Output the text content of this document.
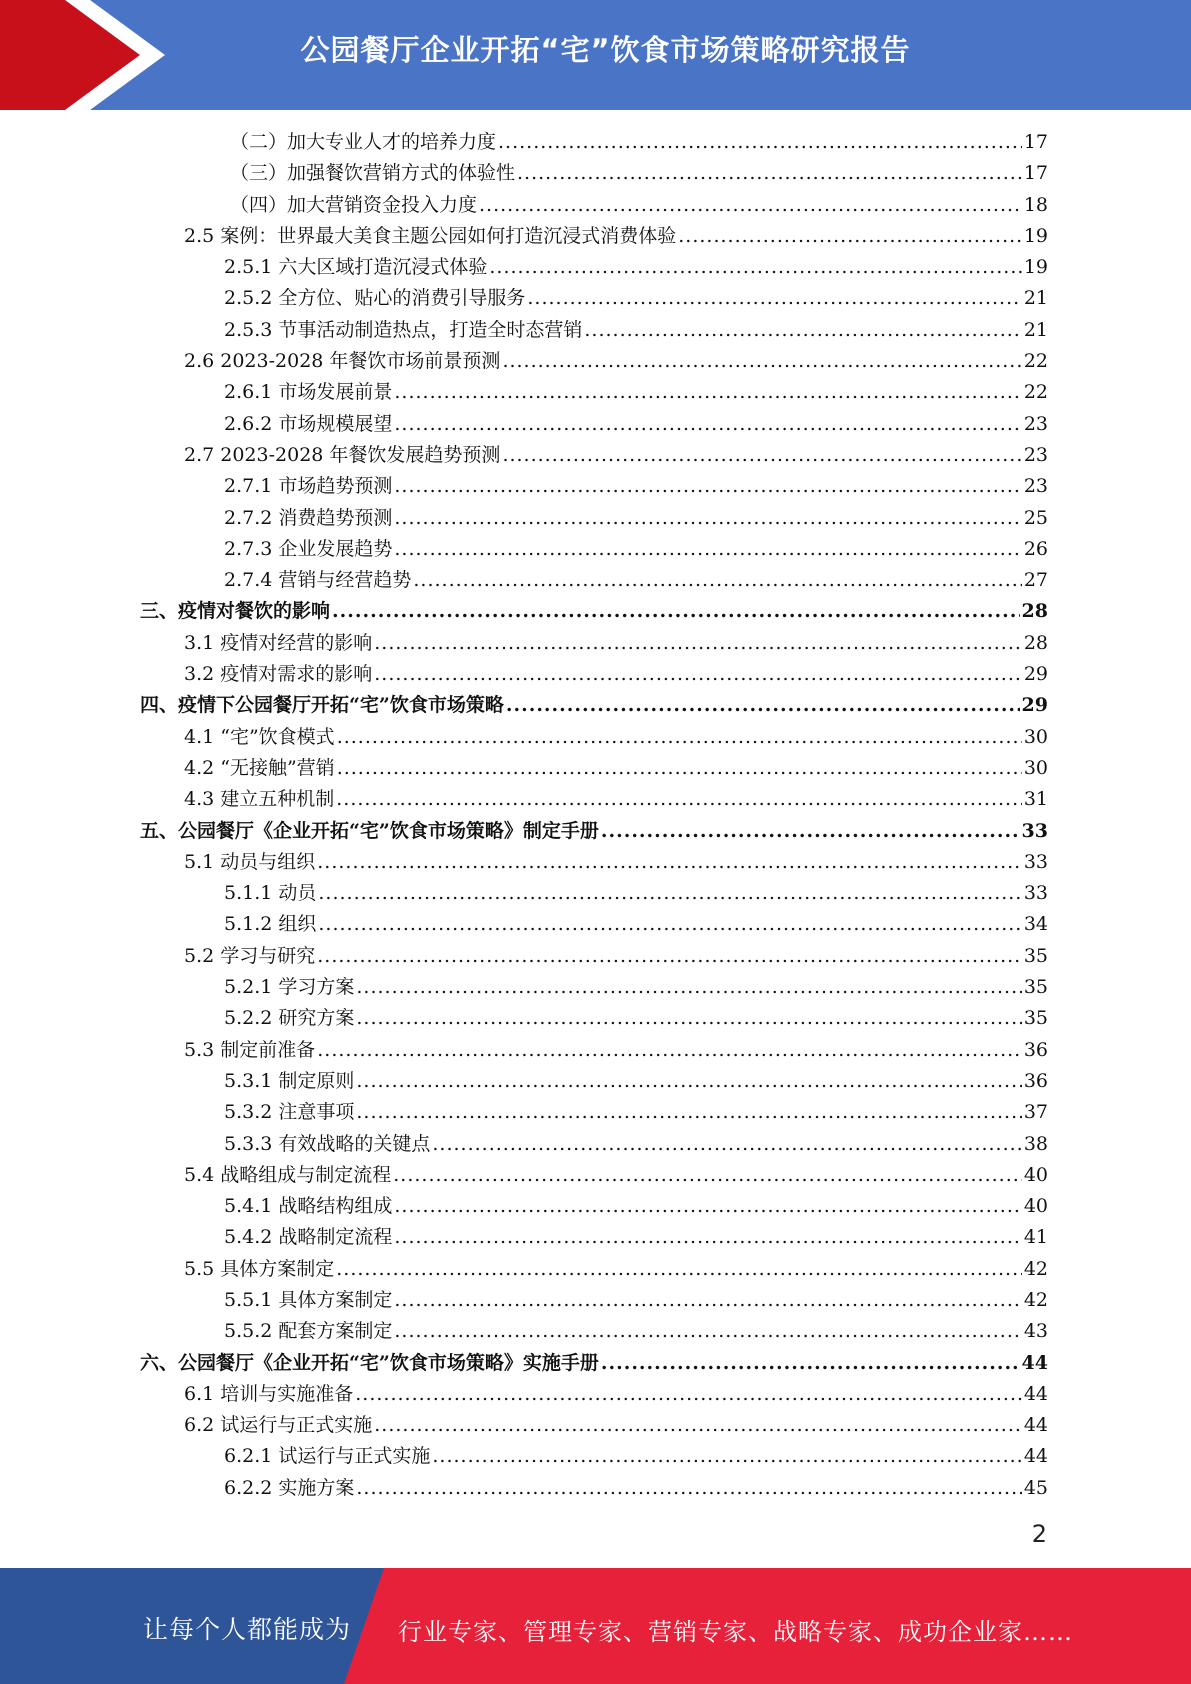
公园餐厅企业开拓“宅”饮食市场策略研究报告
（二）加大专业人才的培养力度 .....	17
（三）加强餐饮营销方式的体验性 .....	17
（四）加大营销资金投入力度 .....	18
2.5 案例：世界最大美食主题公园如何打造沉浸式消费体验 .....	19
2.5.1 六大区域打造沉浸式体验 .....	19
2.5.2 全方位、贴心的消费引导服务 .....	21
2.5.3 节事活动制造热点，打造全时态营销 .....	21
2.6 2023-2028 年餐饮市场前景预测 .....	22
2.6.1 市场发展前景 .....	22
2.6.2 市场规模展望 .....	23
2.7 2023-2028 年餐饮发展趋势预测 .....	23
2.7.1 市场趋势预测 .....	23
2.7.2 消费趋势预测 .....	25
2.7.3 企业发展趋势 .....	26
2.7.4 营销与经营趋势 .....	27
三、疫情对餐饮的影响 .....	28
3.1 疫情对经营的影响 .....	28
3.2 疫情对需求的影响 .....	29
四、疫情下公园餐厅开拓“宅”饮食市场策略 .....	29
4.1 “宅”饮食模式 .....	30
4.2 “无接触”营销 .....	30
4.3 建立五种机制 .....	31
五、公园餐厅《企业开拓“宅”饮食市场策略》制定手册 .....	33
5.1 动员与组织 .....	33
5.1.1 动员 .....	33
5.1.2 组织 .....	34
5.2 学习与研究 .....	35
5.2.1 学习方案 .....	35
5.2.2 研究方案 .....	35
5.3 制定前准备 .....	36
5.3.1 制定原则 .....	36
5.3.2 注意事项 .....	37
5.3.3 有效战略的关键点 .....	38
5.4 战略组成与制定流程 .....	40
5.4.1 战略结构组成 .....	40
5.4.2 战略制定流程 .....	41
5.5 具体方案制定 .....	42
5.5.1 具体方案制定 .....	42
5.5.2 配套方案制定 .....	43
六、公园餐厅《企业开拓“宅”饮食市场策略》实施手册 .....	44
6.1 培训与实施准备 .....	44
6.2 试运行与正式实施 .....	44
6.2.1 试运行与正式实施 .....	44
6.2.2 实施方案 .....	45
2
让每个人都能成为 行业专家、管理专家、营销专家、战略专家、成功企业家……
